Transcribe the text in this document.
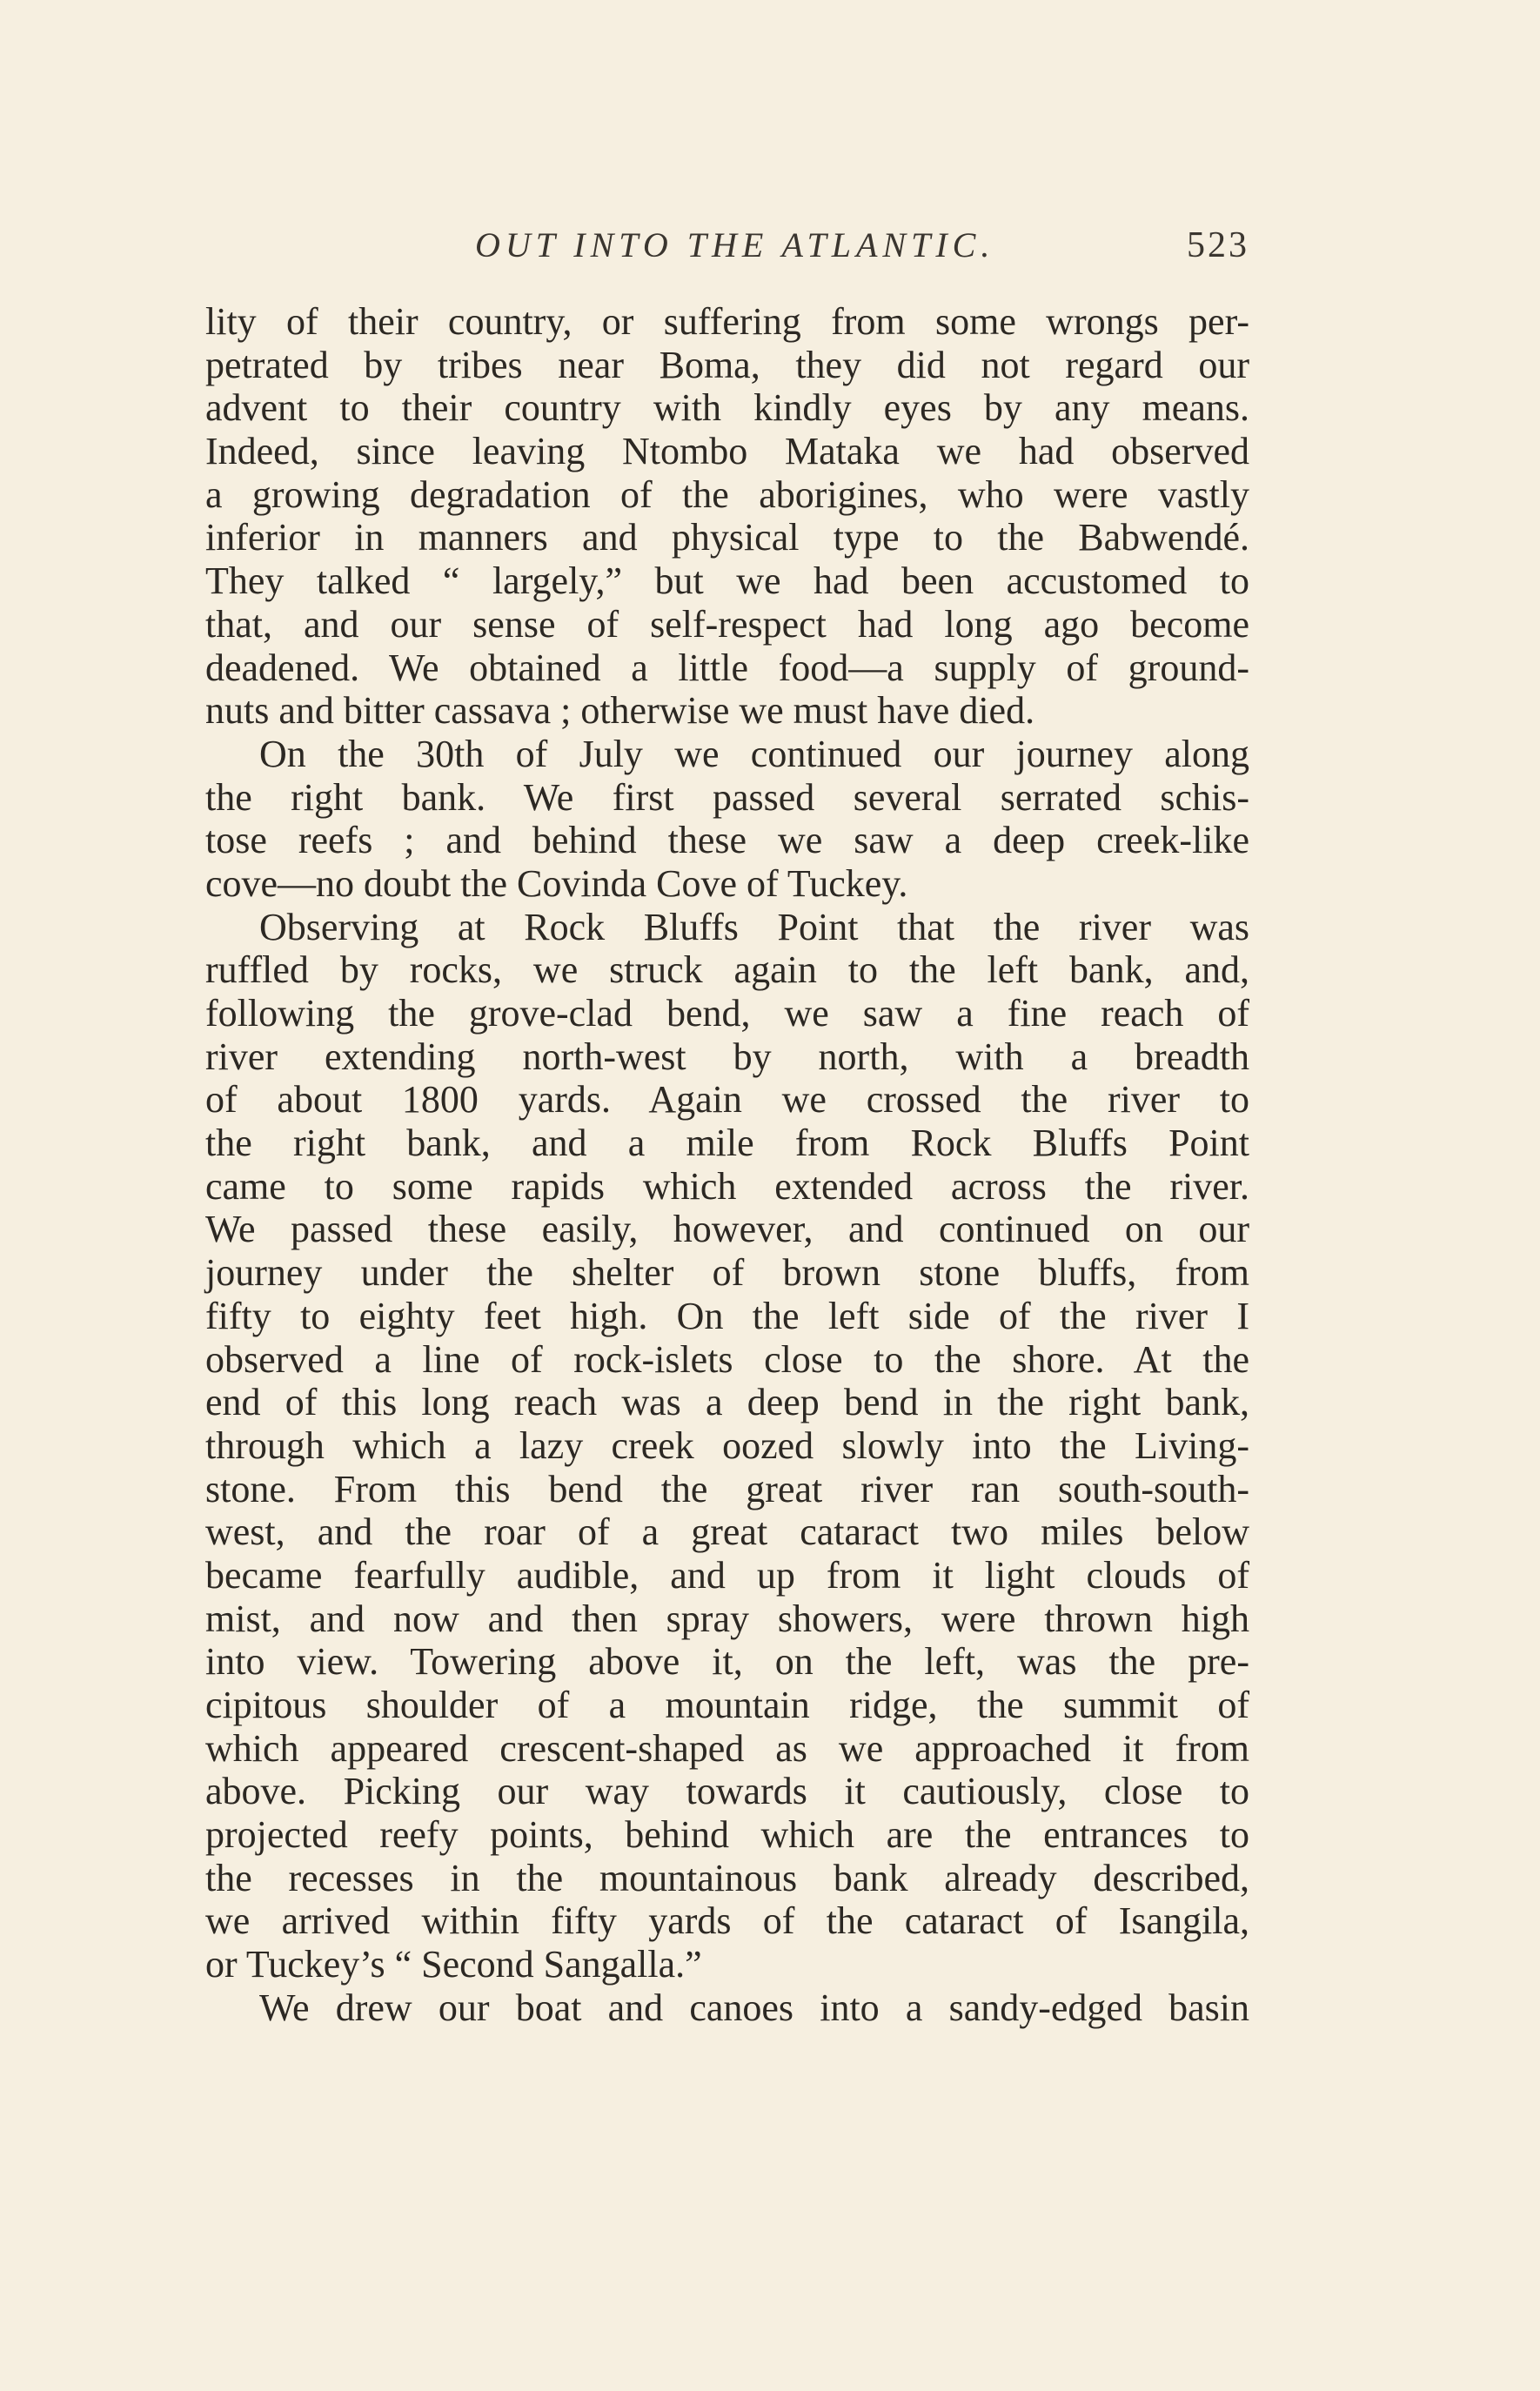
OUT INTO THE ATLANTIC.	523
lity of their country, or suffering from some wrongs per-
petrated by tribes near Boma, they did not regard our
advent to their country with kindly eyes by any means.
Indeed, since leaving Ntombo Mataka we had observed
a growing degradation of the aborigines, who were vastly
inferior in manners and physical type to the Babwendé.
They talked “ largely,” but we had been accustomed to
that, and our sense of self-respect had long ago become
deadened. We obtained a little food—a supply of ground-
nuts and bitter cassava ; otherwise we must have died.
On the 30th of July we continued our journey along
the right bank. We first passed several serrated schis-
tose reefs ; and behind these we saw a deep creek-like
cove—no doubt the Covinda Cove of Tuckey.
Observing at Rock Bluffs Point that the river was
ruffled by rocks, we struck again to the left bank, and,
following the grove-clad bend, we saw a fine reach of
river extending north-west by north, with a breadth
of about 1800 yards. Again we crossed the river to
the right bank, and a mile from Rock Bluffs Point
came to some rapids which extended across the river.
We passed these easily, however, and continued on our
journey under the shelter of brown stone bluffs, from
fifty to eighty feet high. On the left side of the river I
observed a line of rock-islets close to the shore. At the
end of this long reach was a deep bend in the right bank,
through which a lazy creek oozed slowly into the Living-
stone. From this bend the great river ran south-south-
west, and the roar of a great cataract two miles below
became fearfully audible, and up from it light clouds of
mist, and now and then spray showers, were thrown high
into view. Towering above it, on the left, was the pre-
cipitous shoulder of a mountain ridge, the summit of
which appeared crescent-shaped as we approached it from
above. Picking our way towards it cautiously, close to
projected reefy points, behind which are the entrances to
the recesses in the mountainous bank already described,
we arrived within fifty yards of the cataract of Isangila,
or Tuckey’s “ Second Sangalla.”
We drew our boat and canoes into a sandy-edged basin
